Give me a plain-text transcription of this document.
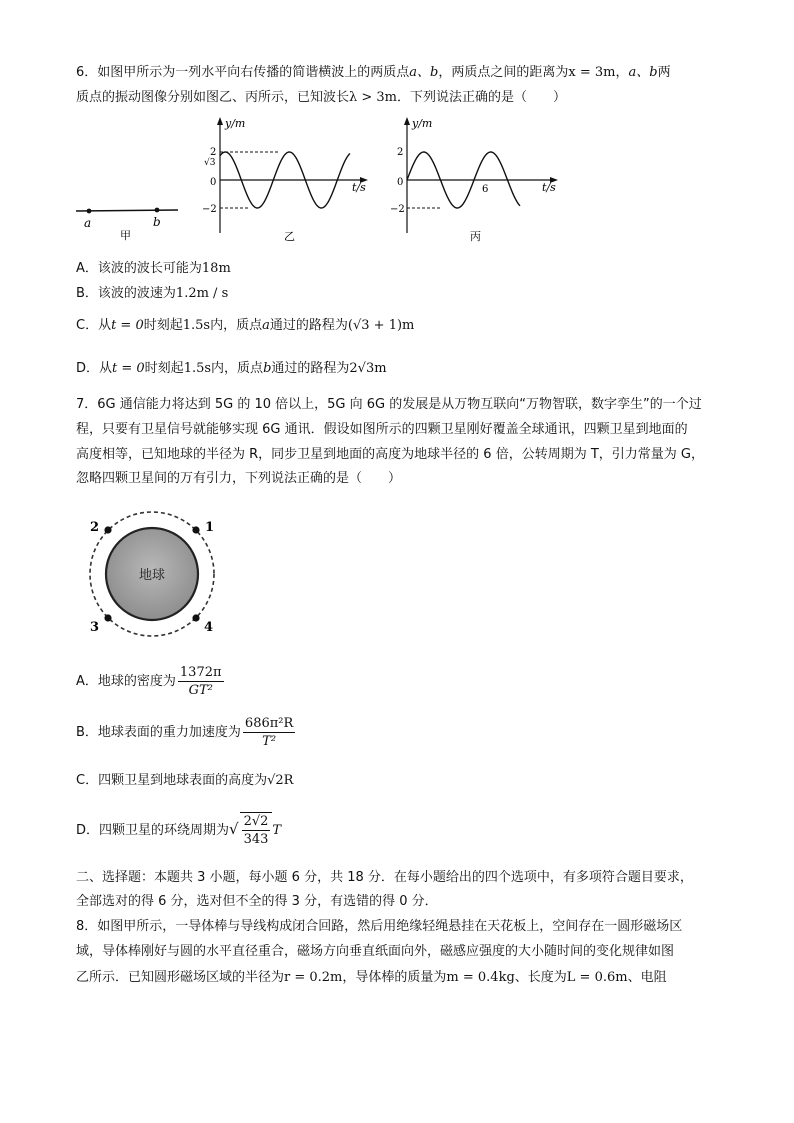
6．如图甲所示为一列水平向右传播的简谐横波上的两质点a、b，两质点之间的距离为x = 3m，a、b两
质点的振动图像分别如图乙、丙所示，已知波长λ > 3m．下列说法正确的是（　　）
a	b
甲
y/m
2
√3
0
−2
t/s
乙
y/m
2
0
−2
6	t/s
丙
A．该波的波长可能为18m
B．该波的波速为1.2m / s
C．从t = 0时刻起1.5s内，质点a通过的路程为(√3 + 1)m
D．从t = 0时刻起1.5s内，质点b通过的路程为2√3m
7．6G 通信能力将达到 5G 的 10 倍以上，5G 向 6G 的发展是从万物互联向“万物智联，数字孪生”的一个过
程，只要有卫星信号就能够实现 6G 通讯．假设如图所示的四颗卫星刚好覆盖全球通讯，四颗卫星到地面的
高度相等，已知地球的半径为 R，同步卫星到地面的高度为地球半径的 6 倍，公转周期为 T，引力常量为 G，
忽略四颗卫星间的万有引力，下列说法正确的是（　　）
地球
1
2
3	4
A．地球的密度为 $\frac{1372\pi}{\text{GT²}}$
B．地球表面的重力加速度为 $\frac{\text{686π²R}}{\text{T²}}$
C．四颗卫星到地球表面的高度为√2R
D．四颗卫星的环绕周期为√ $\frac{2√2}{343}$ T
二、选择题：本题共 3 小题，每小题 6 分，共 18 分．在每小题给出的四个选项中，有多项符合题目要求，
全部选对的得 6 分，选对但不全的得 3 分，有选错的得 0 分．
8．如图甲所示，一导体棒与导线构成闭合回路，然后用绝缘轻绳悬挂在天花板上，空间存在一圆形磁场区
域，导体棒刚好与圆的水平直径重合，磁场方向垂直纸面向外，磁感应强度的大小随时间的变化规律如图
乙所示．已知圆形磁场区域的半径为r = 0.2m，导体棒的质量为m = 0.4kg、长度为L = 0.6m、电阻
